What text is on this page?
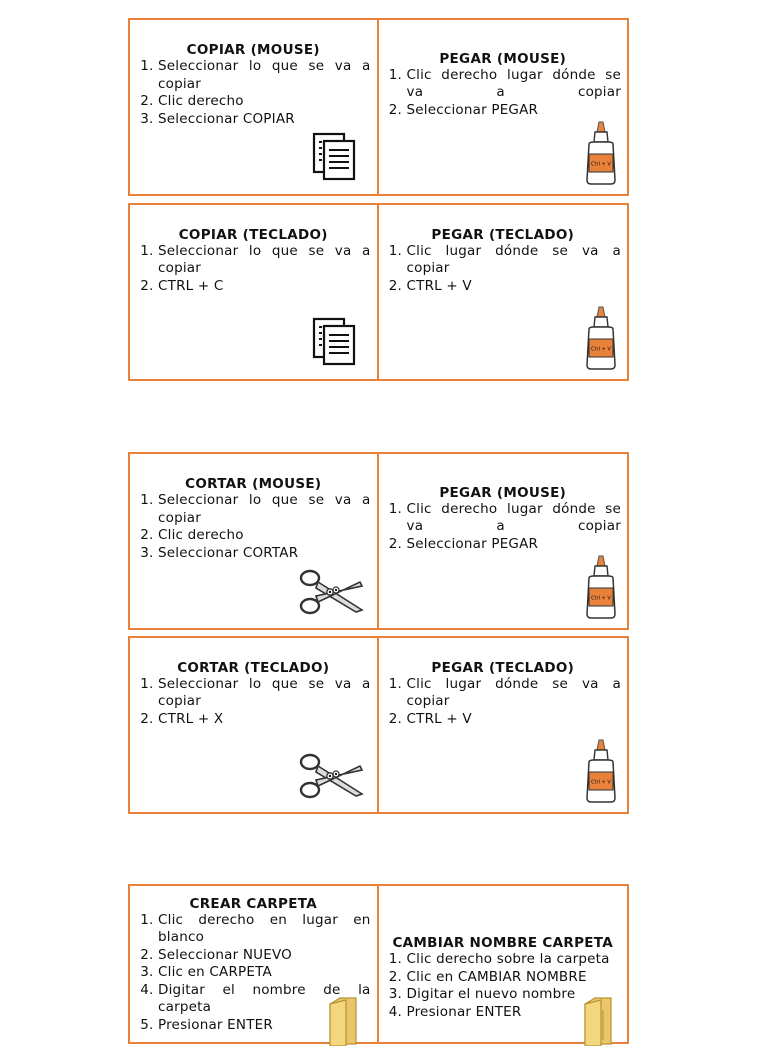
COPIAR (MOUSE)
1. Seleccionar lo que se va a copiar
2. Clic derecho
3. Seleccionar COPIAR
PEGAR (MOUSE)
1. Clic derecho lugar dónde se va a copiar
2. Seleccionar PEGAR
Ctrl + V
COPIAR (TECLADO)
1. Seleccionar lo que se va a copiar
2. CTRL + C
PEGAR (TECLADO)
1. Clic lugar dónde se va a copiar
2. CTRL + V
Ctrl + V
CORTAR (MOUSE)
1. Seleccionar lo que se va a copiar
2. Clic derecho
3. Seleccionar CORTAR
PEGAR (MOUSE)
1. Clic derecho lugar dónde se va a copiar
2. Seleccionar PEGAR
Ctrl + V
CORTAR (TECLADO)
1. Seleccionar lo que se va a copiar
2. CTRL + X
PEGAR (TECLADO)
1. Clic lugar dónde se va a copiar
2. CTRL + V
Ctrl + V
CREAR CARPETA
1. Clic derecho en lugar en blanco
2. Seleccionar NUEVO
3. Clic en CARPETA
4. Digitar el nombre de la carpeta
5. Presionar ENTER
CAMBIAR NOMBRE CARPETA
1. Clic derecho sobre la carpeta
2. Clic en CAMBIAR NOMBRE
3. Digitar el nuevo nombre
4. Presionar ENTER
